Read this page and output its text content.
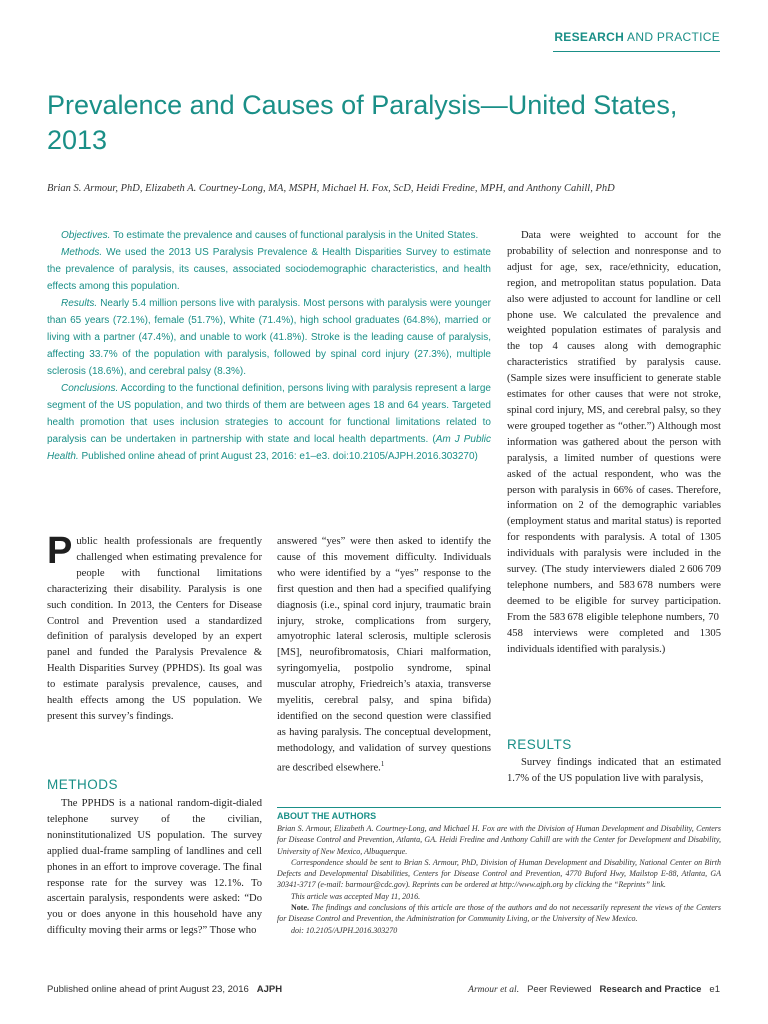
RESEARCH AND PRACTICE
Prevalence and Causes of Paralysis—United States, 2013
Brian S. Armour, PhD, Elizabeth A. Courtney-Long, MA, MSPH, Michael H. Fox, ScD, Heidi Fredine, MPH, and Anthony Cahill, PhD

Objectives. To estimate the prevalence and causes of functional paralysis in the United States.

Methods. We used the 2013 US Paralysis Prevalence & Health Disparities Survey to estimate the prevalence of paralysis, its causes, associated sociodemographic characteristics, and health effects among this population.

Results. Nearly 5.4 million persons live with paralysis. Most persons with paralysis were younger than 65 years (72.1%), female (51.7%), White (71.4%), high school graduates (64.8%), married or living with a partner (47.4%), and unable to work (41.8%). Stroke is the leading cause of paralysis, affecting 33.7% of the population with paralysis, followed by spinal cord injury (27.3%), multiple sclerosis (18.6%), and cerebral palsy (8.3%).

Conclusions. According to the functional definition, persons living with paralysis represent a large segment of the US population, and two thirds of them are between ages 18 and 64 years. Targeted health promotion that uses inclusion strategies to account for functional limitations related to paralysis can be undertaken in partnership with state and local health departments. (Am J Public Health. Published online ahead of print August 23, 2016: e1–e3. doi:10.2105/AJPH.2016.303270)

Public health professionals are frequently challenged when estimating prevalence for people with functional limitations characterizing their disability. Paralysis is one such condition. In 2013, the Centers for Disease Control and Prevention used a standardized definition of paralysis developed by an expert panel and funded the Paralysis Prevalence & Health Disparities Survey (PPHDS). Its goal was to estimate paralysis prevalence, causes, and health effects among the US population. We present this survey’s findings.

METHODS

The PPHDS is a national random-digit-dialed telephone survey of the civilian, noninstitutionalized US population. The survey applied dual-frame sampling of landlines and cell phones in an effort to improve coverage. The final response rate for the survey was 12.1%. To ascertain paralysis, respondents were asked: “Do you or does anyone in this household have any difficulty moving their arms or legs?” Those who

answered “yes” were then asked to identify the cause of this movement difficulty. Individuals who were identified by a “yes” response to the first question and then had a specified qualifying diagnosis (i.e., spinal cord injury, traumatic brain injury, stroke, complications from surgery, amyotrophic lateral sclerosis, multiple sclerosis [MS], neurofibromatosis, Chiari malformation, syringomyelia, postpolio syndrome, spinal muscular atrophy, Friedreich’s ataxia, transverse myelitis, cerebral palsy, and spina bifida) identified on the second question were classified as having paralysis. The conceptual development, methodology, and validation of survey questions are described elsewhere.$^1$

Data were weighted to account for the probability of selection and nonresponse and to adjust for age, sex, race/ethnicity, education, region, and metropolitan status population. Data also were adjusted to account for landline or cell phone use. We calculated the prevalence and weighted population estimates of paralysis and the top 4 causes along with demographic characteristics stratified by paralysis cause. (Sample sizes were insufficient to generate stable estimates for other causes that were not stroke, spinal cord injury, MS, and cerebral palsy, so they were grouped together as “other.”) Although most information was gathered about the person with paralysis, a limited number of questions were asked of the actual respondent, who was the person with paralysis in 66% of cases. Therefore, information on 2 of the demographic variables (employment status and marital status) is reported for respondents with paralysis. A total of 1305 individuals with paralysis were included in the survey. (The study interviewers dialed 2 606 709 telephone numbers, and 583 678 numbers were deemed to be eligible for survey participation. From the 583 678 eligible telephone numbers, 70 458 interviews were completed and 1305 individuals identified with paralysis.)

RESULTS

Survey findings indicated that an estimated 1.7% of the US population live with paralysis,

ABOUT THE AUTHORS

Brian S. Armour, Elizabeth A. Courtney-Long, and Michael H. Fox are with the Division of Human Development and Disability, Centers for Disease Control and Prevention, Atlanta, GA. Heidi Fredine and Anthony Cahill are with the Center for Development and Disability, University of New Mexico, Albuquerque.

Correspondence should be sent to Brian S. Armour, PhD, Division of Human Development and Disability, National Center on Birth Defects and Developmental Disabilities, Centers for Disease Control and Prevention, 4770 Buford Hwy, Mailstop E-88, Atlanta, GA 30341-3717 (e-mail: barmour@cdc.gov). Reprints can be ordered at http://www.ajph.org by clicking the “Reprints” link.

This article was accepted May 11, 2016.

Note. The findings and conclusions of this article are those of the authors and do not necessarily represent the views of the Centers for Disease Control and Prevention, the Administration for Community Living, or the University of New Mexico.

doi: 10.2105/AJPH.2016.303270

Published online ahead of print August 23, 2016 AJPH	Armour et al. Peer Reviewed Research and Practice e1
